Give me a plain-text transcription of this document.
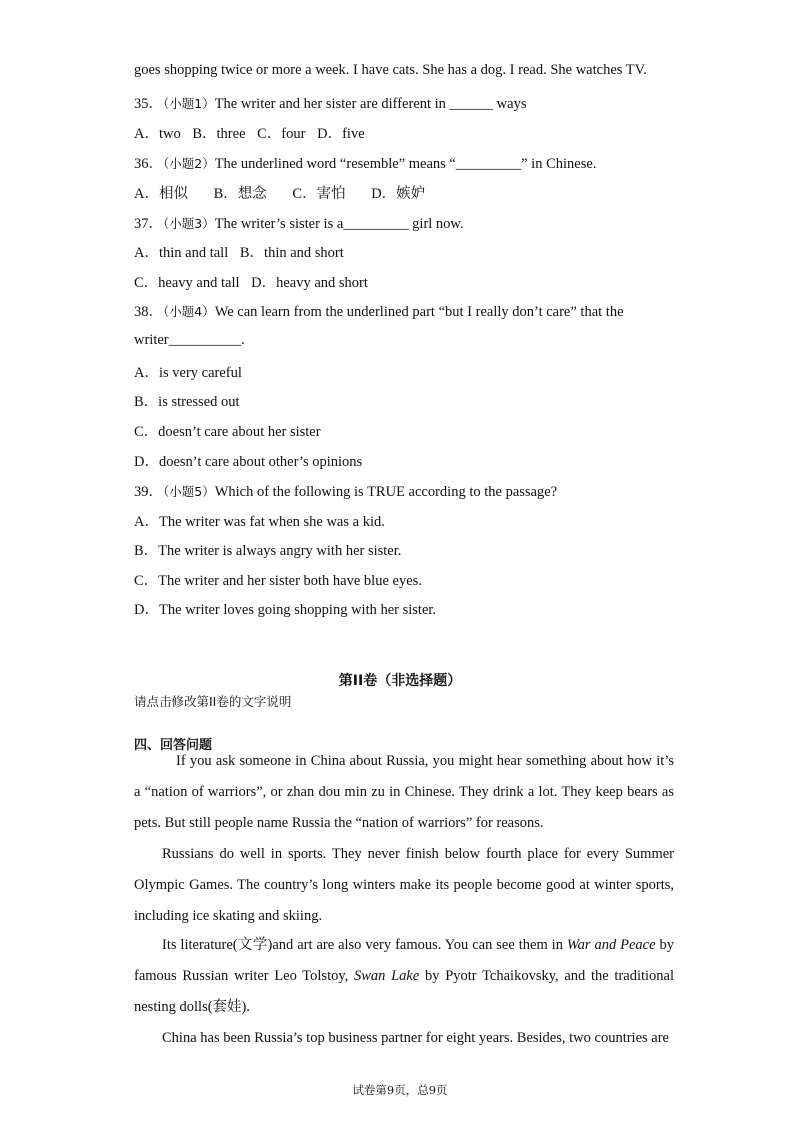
goes shopping twice or more a week. I have cats. She has a dog. I read. She watches TV.
35．（小题1）The writer and her sister are different in ______ ways
A．two B．three C．four D．five
36．（小题2）The underlined word “resemble” means “_________” in Chinese.
A．相似 B．想念 C．害怕 D．嫉妒
37．（小题3）The writer’s sister is a_________ girl now.
A．thin and tall B．thin and short
C．heavy and tall D．heavy and short
38．（小题4）We can learn from the underlined part “but I really don’t care” that the
writer__________.
A．is very careful
B．is stressed out
C．doesn’t care about her sister
D．doesn’t care about other’s opinions
39．（小题5）Which of the following is TRUE according to the passage?
A．The writer was fat when she was a kid.
B．The writer is always angry with her sister.
C．The writer and her sister both have blue eyes.
D．The writer loves going shopping with her sister.
第II卷（非选择题）
请点击修改第II卷的文字说明
四、回答问题
If you ask someone in China about Russia, you might hear something about how it’s a “nation of warriors”, or zhan dou min zu in Chinese. They drink a lot. They keep bears as pets. But still people name Russia the “nation of warriors” for reasons.
Russians do well in sports. They never finish below fourth place for every Summer Olympic Games. The country’s long winters make its people become good at winter sports, including ice skating and skiing.
Its literature(文学)and art are also very famous. You can see them in War and Peace by famous Russian writer Leo Tolstoy, Swan Lake by Pyotr Tchaikovsky, and the traditional nesting dolls(套娃).
China has been Russia’s top business partner for eight years. Besides, two countries are
试卷第9页，总9页
